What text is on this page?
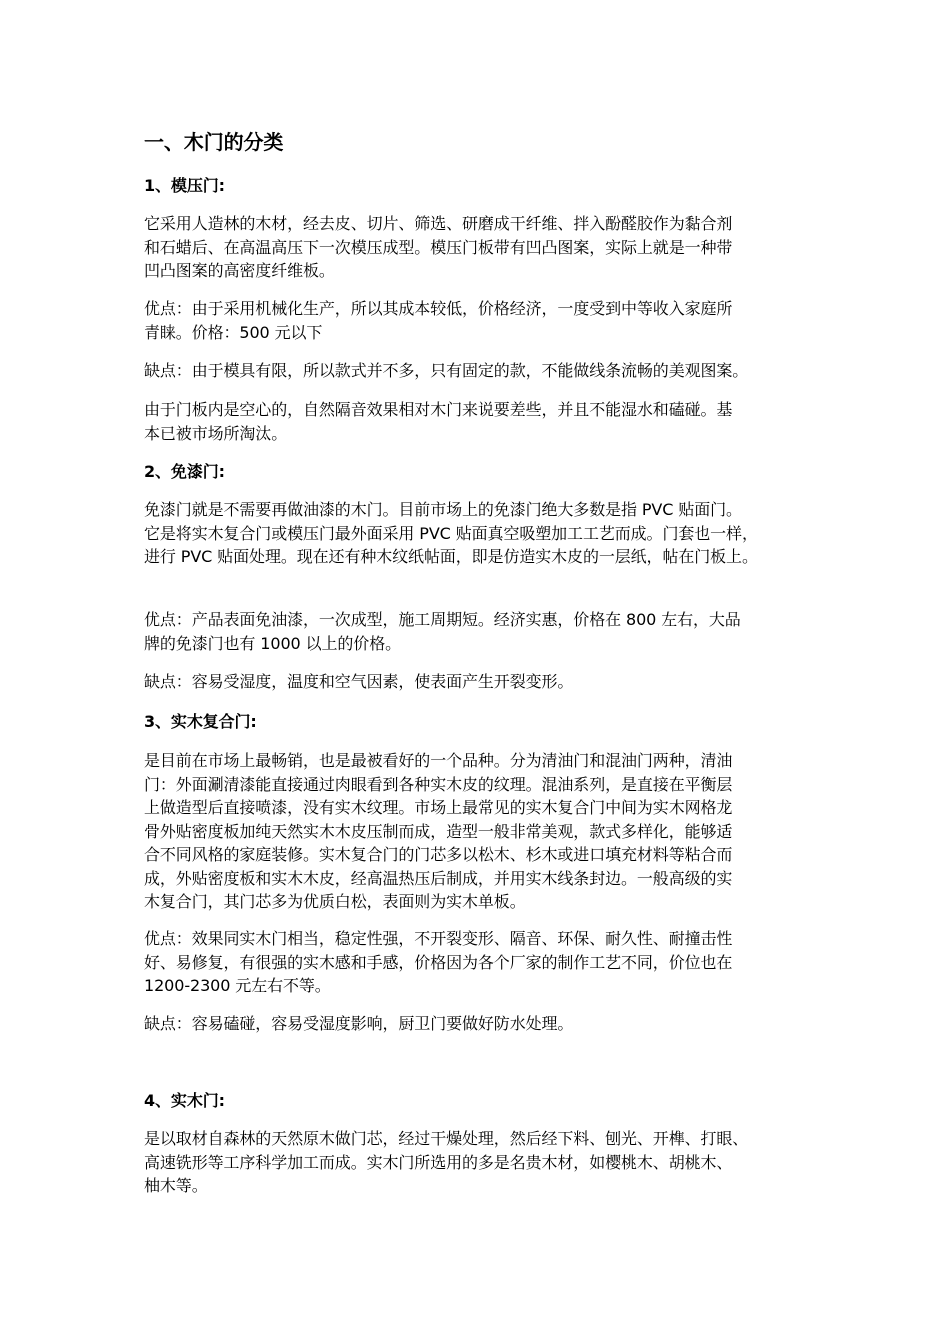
一、木门的分类
1、模压门:
它采用人造林的木材，经去皮、切片、筛选、研磨成干纤维、拌入酚醛胶作为黏合剂
和石蜡后、在高温高压下一次模压成型。模压门板带有凹凸图案，实际上就是一种带
凹凸图案的高密度纤维板。
优点：由于采用机械化生产，所以其成本较低，价格经济，一度受到中等收入家庭所
青睐。价格：500 元以下
缺点：由于模具有限，所以款式并不多，只有固定的款，不能做线条流畅的美观图案。
由于门板内是空心的，自然隔音效果相对木门来说要差些，并且不能湿水和磕碰。基
本已被市场所淘汰。
2、免漆门:
免漆门就是不需要再做油漆的木门。目前市场上的免漆门绝大多数是指 PVC 贴面门。
它是将实木复合门或模压门最外面采用 PVC 贴面真空吸塑加工工艺而成。门套也一样，
进行 PVC 贴面处理。现在还有种木纹纸帖面，即是仿造实木皮的一层纸，帖在门板上。
优点：产品表面免油漆，一次成型，施工周期短。经济实惠，价格在 800 左右，大品
牌的免漆门也有 1000 以上的价格。
缺点：容易受湿度，温度和空气因素，使表面产生开裂变形。
3、实木复合门:
是目前在市场上最畅销，也是最被看好的一个品种。分为清油门和混油门两种，清油
门：外面涮清漆能直接通过肉眼看到各种实木皮的纹理。混油系列，是直接在平衡层
上做造型后直接喷漆，没有实木纹理。市场上最常见的实木复合门中间为实木网格龙
骨外贴密度板加纯天然实木木皮压制而成，造型一般非常美观，款式多样化，能够适
合不同风格的家庭装修。实木复合门的门芯多以松木、杉木或进口填充材料等粘合而
成，外贴密度板和实木木皮，经高温热压后制成，并用实木线条封边。一般高级的实
木复合门，其门芯多为优质白松，表面则为实木单板。
优点：效果同实木门相当，稳定性强，不开裂变形、隔音、环保、耐久性、耐撞击性
好、易修复，有很强的实木感和手感，价格因为各个厂家的制作工艺不同，价位也在
1200-2300 元左右不等。
缺点：容易磕碰，容易受湿度影响，厨卫门要做好防水处理。
4、实木门:
是以取材自森林的天然原木做门芯，经过干燥处理，然后经下料、刨光、开榫、打眼、
高速铣形等工序科学加工而成。实木门所选用的多是名贵木材，如樱桃木、胡桃木、
柚木等。
